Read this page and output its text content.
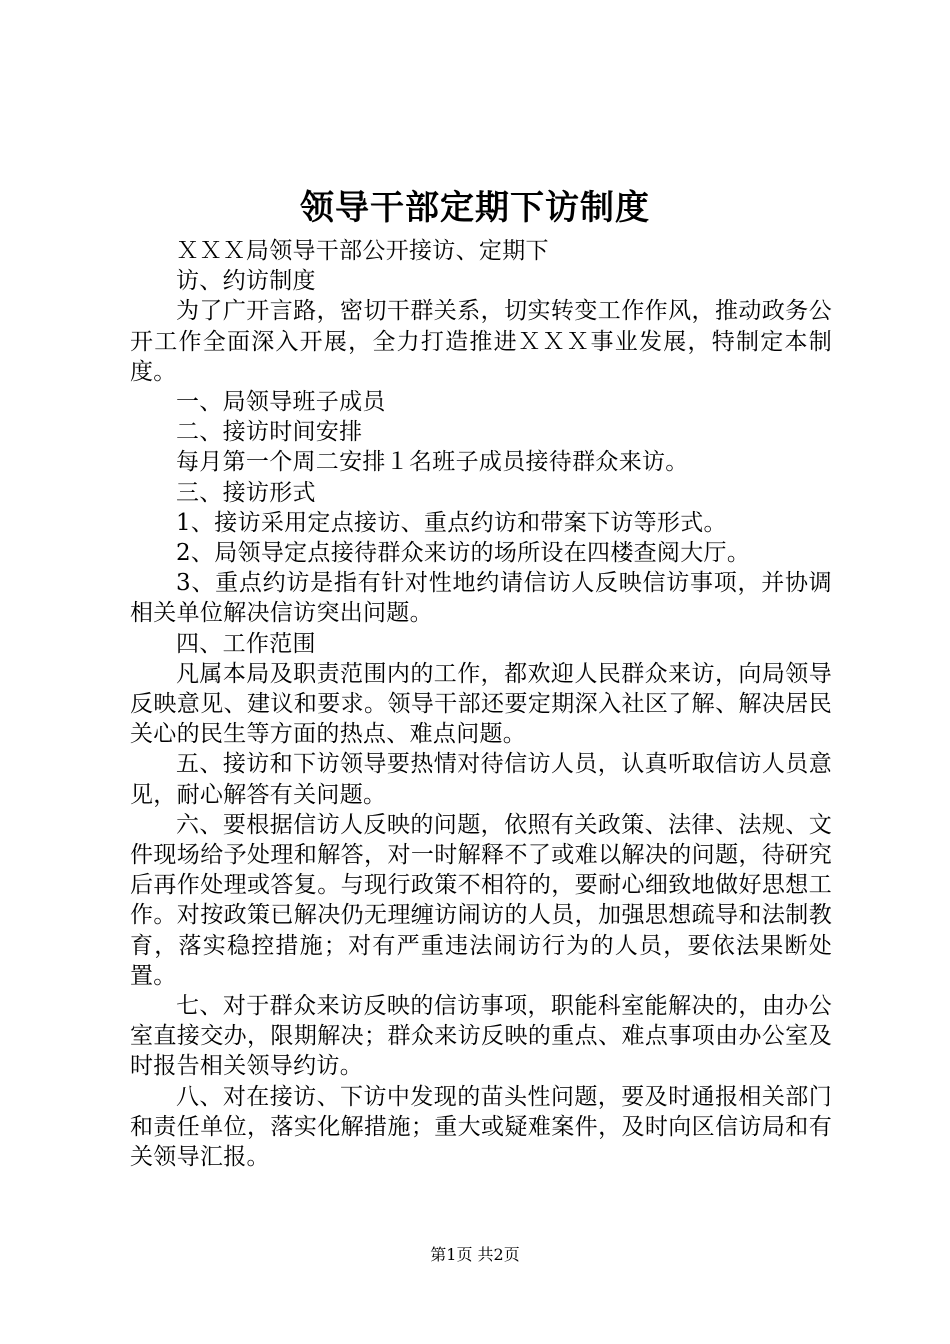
领导干部定期下访制度

ＸＸＸ局领导干部公开接访、定期下

访、约访制度

为了广开言路，密切干群关系，切实转变工作作风，推动政务公开工作全面深入开展，全力打造推进ＸＸＸ事业发展，特制定本制度。

一、局领导班子成员

二、接访时间安排

每月第一个周二安排１名班子成员接待群众来访。

三、接访形式

1、接访采用定点接访、重点约访和带案下访等形式。

2、局领导定点接待群众来访的场所设在四楼查阅大厅。

3、重点约访是指有针对性地约请信访人反映信访事项，并协调相关单位解决信访突出问题。

四、工作范围

凡属本局及职责范围内的工作，都欢迎人民群众来访，向局领导反映意见、建议和要求。领导干部还要定期深入社区了解、解决居民关心的民生等方面的热点、难点问题。

五、接访和下访领导要热情对待信访人员，认真听取信访人员意见，耐心解答有关问题。

六、要根据信访人反映的问题，依照有关政策、法律、法规、文件现场给予处理和解答，对一时解释不了或难以解决的问题，待研究后再作处理或答复。与现行政策不相符的，要耐心细致地做好思想工作。对按政策已解决仍无理缠访闹访的人员，加强思想疏导和法制教育，落实稳控措施；对有严重违法闹访行为的人员，要依法果断处置。

七、对于群众来访反映的信访事项，职能科室能解决的，由办公室直接交办，限期解决；群众来访反映的重点、难点事项由办公室及时报告相关领导约访。

八、对在接访、下访中发现的苗头性问题，要及时通报相关部门和责任单位，落实化解措施；重大或疑难案件，及时向区信访局和有关领导汇报。

第1页 共2页
